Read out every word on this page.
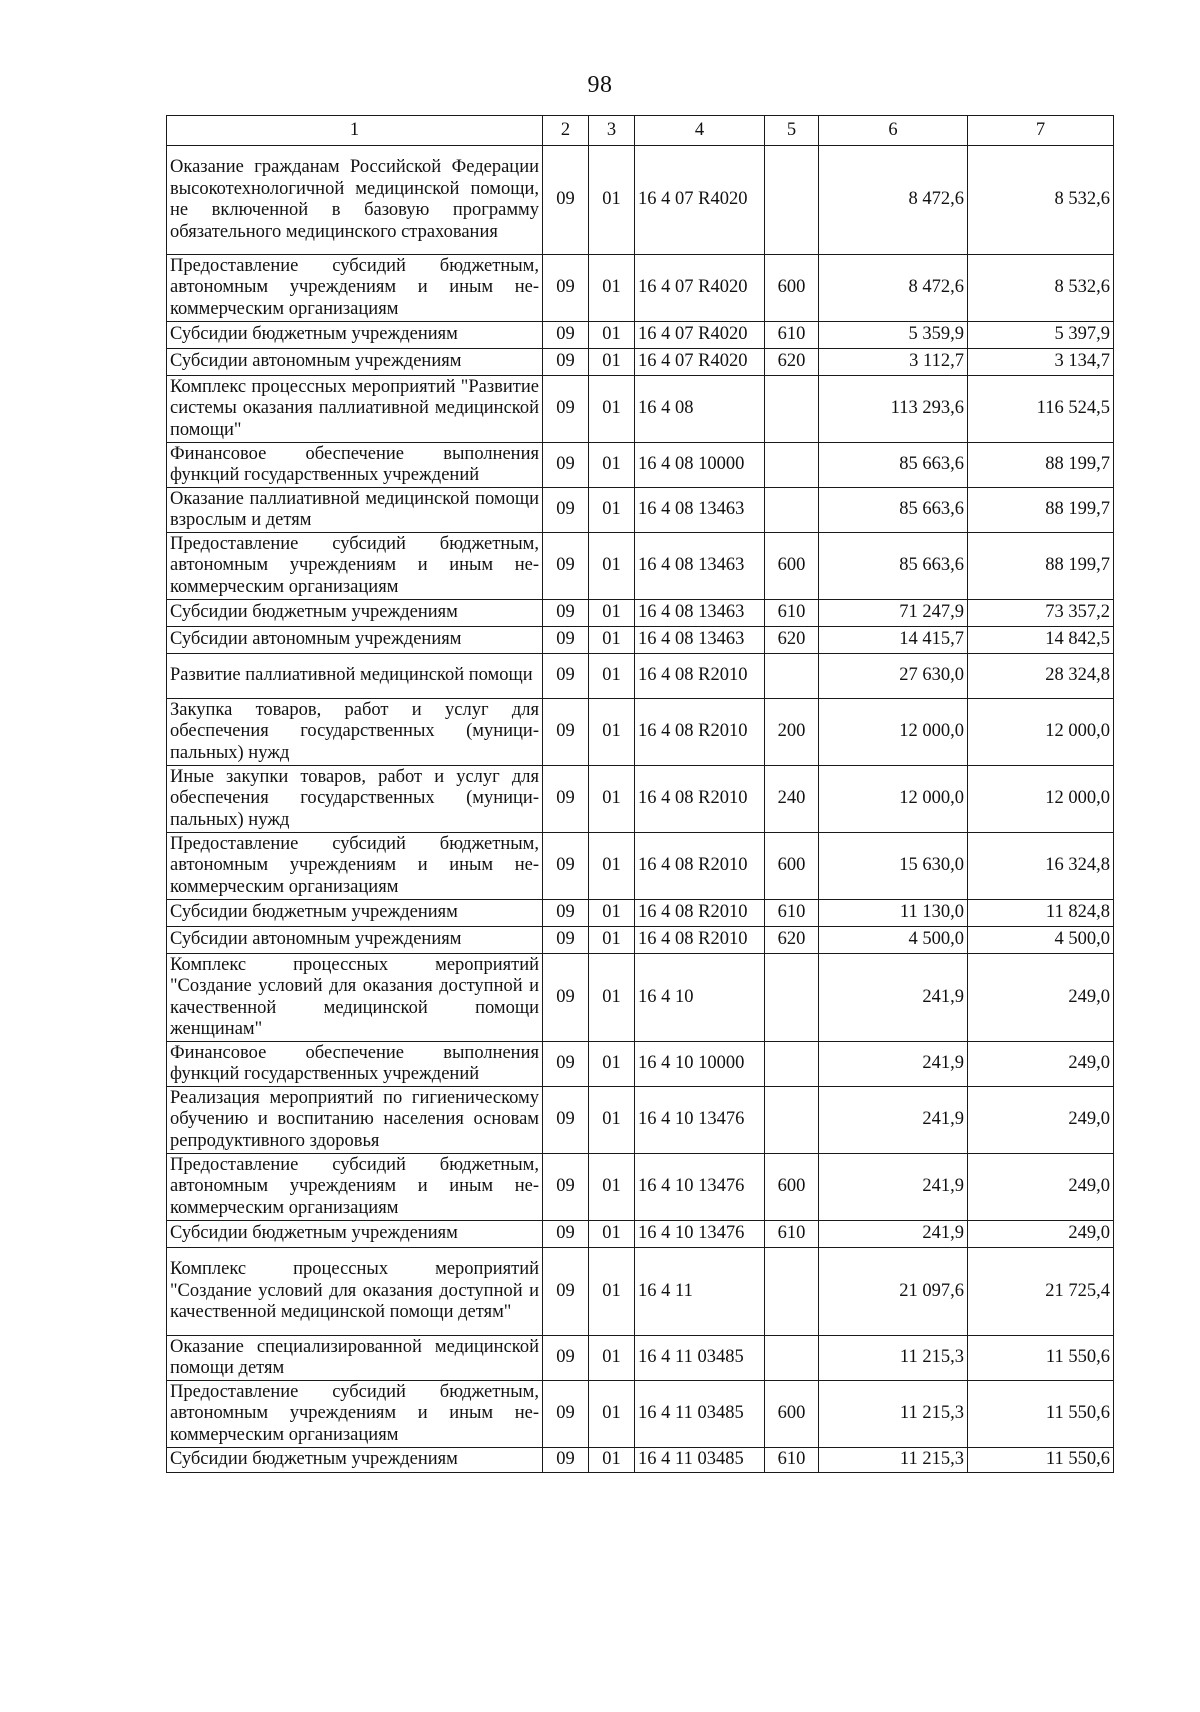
98
1	2	3	4	5	6	7
Оказание гражданам Российской Федерации высокотехнологичной медицинской помощи, не включенной в базовую программу обязательного медицинского страхования	09	01	16 4 07 R4020		8 472,6	8 532,6
Предоставление субсидий бюджетным, автономным учреждениям и иным некоммерческим организациям	09	01	16 4 07 R4020	600	8 472,6	8 532,6
Субсидии бюджетным учреждениям	09	01	16 4 07 R4020	610	5 359,9	5 397,9
Субсидии автономным учреждениям	09	01	16 4 07 R4020	620	3 112,7	3 134,7
Комплекс процессных мероприятий "Развитие системы оказания паллиативной медицинской помощи"	09	01	16 4 08		113 293,6	116 524,5
Финансовое обеспечение выполнения функций государственных учреждений	09	01	16 4 08 10000		85 663,6	88 199,7
Оказание паллиативной медицинской помощи взрослым и детям	09	01	16 4 08 13463		85 663,6	88 199,7
Предоставление субсидий бюджетным, автономным учреждениям и иным некоммерческим организациям	09	01	16 4 08 13463	600	85 663,6	88 199,7
Субсидии бюджетным учреждениям	09	01	16 4 08 13463	610	71 247,9	73 357,2
Субсидии автономным учреждениям	09	01	16 4 08 13463	620	14 415,7	14 842,5
Развитие паллиативной медицинской помощи	09	01	16 4 08 R2010		27 630,0	28 324,8
Закупка товаров, работ и услуг для обеспечения государственных (муниципальных) нужд	09	01	16 4 08 R2010	200	12 000,0	12 000,0
Иные закупки товаров, работ и услуг для обеспечения государственных (муниципальных) нужд	09	01	16 4 08 R2010	240	12 000,0	12 000,0
Предоставление субсидий бюджетным, автономным учреждениям и иным некоммерческим организациям	09	01	16 4 08 R2010	600	15 630,0	16 324,8
Субсидии бюджетным учреждениям	09	01	16 4 08 R2010	610	11 130,0	11 824,8
Субсидии автономным учреждениям	09	01	16 4 08 R2010	620	4 500,0	4 500,0
Комплекс процессных мероприятий "Создание условий для оказания доступной и качественной медицинской помощи женщинам"	09	01	16 4 10		241,9	249,0
Финансовое обеспечение выполнения функций государственных учреждений	09	01	16 4 10 10000		241,9	249,0
Реализация мероприятий по гигиеническому обучению и воспитанию населения основам репродуктивного здоровья	09	01	16 4 10 13476		241,9	249,0
Предоставление субсидий бюджетным, автономным учреждениям и иным некоммерческим организациям	09	01	16 4 10 13476	600	241,9	249,0
Субсидии бюджетным учреждениям	09	01	16 4 10 13476	610	241,9	249,0
Комплекс процессных мероприятий "Создание условий для оказания доступной и качественной медицинской помощи детям"	09	01	16 4 11		21 097,6	21 725,4
Оказание специализированной медицинской помощи детям	09	01	16 4 11 03485		11 215,3	11 550,6
Предоставление субсидий бюджетным, автономным учреждениям и иным некоммерческим организациям	09	01	16 4 11 03485	600	11 215,3	11 550,6
Субсидии бюджетным учреждениям	09	01	16 4 11 03485	610	11 215,3	11 550,6
